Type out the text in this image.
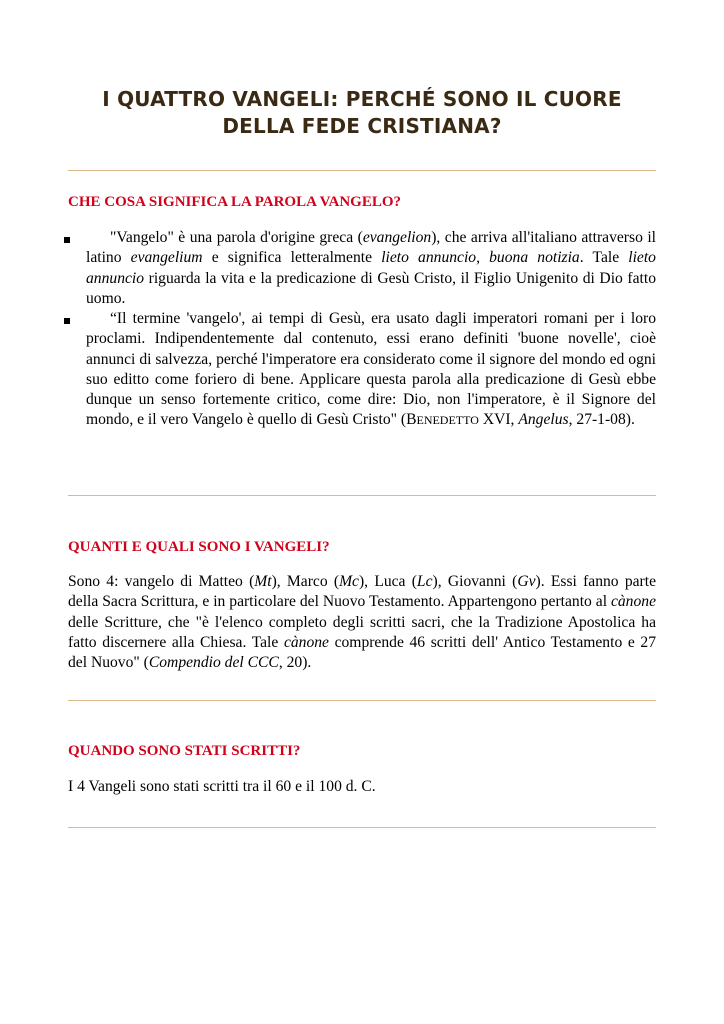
I QUATTRO VANGELI: PERCHÉ SONO IL CUORE
DELLA FEDE CRISTIANA?
CHE COSA SIGNIFICA LA PAROLA VANGELO?
"Vangelo" è una parola d'origine greca (evangelion), che arriva all'italiano attraverso il latino evangelium e significa letteralmente lieto annuncio, buona notizia. Tale lieto annuncio riguarda la vita e la predicazione di Gesù Cristo, il Figlio Unigenito di Dio fatto uomo.
“Il termine 'vangelo', ai tempi di Gesù, era usato dagli imperatori romani per i loro proclami. Indipendentemente dal contenuto, essi erano definiti 'buone novelle', cioè annunci di salvezza, perché l'imperatore era considerato come il signore del mondo ed ogni suo editto come foriero di bene. Applicare questa parola alla predicazione di Gesù ebbe dunque un senso fortemente critico, come dire: Dio, non l'imperatore, è il Signore del mondo, e il vero Vangelo è quello di Gesù Cristo" (BENEDETTO XVI, Angelus, 27-1-08).
QUANTI E QUALI SONO I VANGELI?
Sono 4: vangelo di Matteo (Mt), Marco (Mc), Luca (Lc), Giovanni (Gv). Essi fanno parte della Sacra Scrittura, e in particolare del Nuovo Testamento. Appartengono pertanto al cànone delle Scritture, che "è l'elenco completo degli scritti sacri, che la Tradizione Apostolica ha fatto discernere alla Chiesa. Tale cànone comprende 46 scritti dell' Antico Testamento e 27 del Nuovo" (Compendio del CCC, 20).
QUANDO SONO STATI SCRITTI?
I 4 Vangeli sono stati scritti tra il 60 e il 100 d. C.
